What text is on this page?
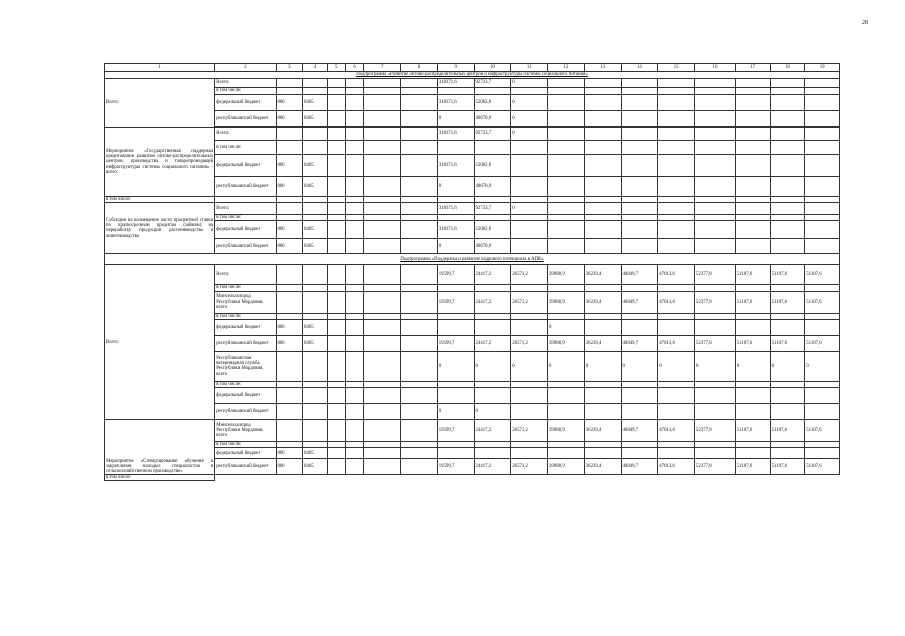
28
1	2	3	4	5	6	7	8	9	10	11	12	13	14	15	16	17	18	19
Подпрограмма «Развитие оптово-распределительных центров и инфраструктуры системы социального питания»																		
Всего:	Всего:							318371,6	92733,7	0								
	в том числе:																	
	федеральный бюджет	806	0405					318371,6	52062,8	0								
	республиканский бюджет	806	0405					0	40670,9	0								

Мероприятие «Государственная поддержка кредитования развития оптово-распределительных центров, производства и товаропроводящей инфраструктуры системы социального питания» - всего:	Всего:							318371,6	92733,7	0								
	в том числе:																	
	федеральный бюджет	806	0405					318371,6	52062,8									
	республиканский бюджет	806	0405					0	40670,9									
в том числе:																		
Субсидии на возмещение части процентной ставки по краткосрочным кредитам (займам) на переработку продукции растениеводства и животноводства	Всего:							318371,6	92733,7	0								
	в том числе:																	
	федеральный бюджет	806	0405					318371,6	52062,8									
	республиканский бюджет	806	0405					0	40670,9									
Подпрограмма «Поддержка и развитие кадрового потенциала в АПК»																		
Всего:	Всего:							19599,7	24417,2	26571,2	39988,9	36239,4	40849,7	47013,6	52377,8	51107,6	51107,6	51107,6
	в том числе:																	
	Минсельхозпрод Республики Мордовия, всего							19599,7	24417,2	26571,2	39988,9	36239,4	40849,7	47013,6	52377,8	51107,6	51107,6	51107,6
	в том числе:																	
	федеральный бюджет	806	0405								0							
	республиканский бюджет	806	0405					19599,7	24417,2	26571,2	39988,9	36239,4	40849,7	47013,6	52377,8	51107,6	51107,6	51107,6
	Республиканская ветеринарная служба Республики Мордовия, всего							0	0	0	0	0	0	0	0	0	0	0
	в том числе:																	
	федеральный бюджет																	
	республиканский бюджет							0	0									
Мероприятие «Стимулирование обучения и закрепления молодых специалистов в сельскохозяйственном производстве»	Минсельхозпрод Республики Мордовия, всего							19599,7	24417,2	26571,2	39988,9	36239,4	40849,7	47013,6	52377,8	51107,6	51107,6	51107,6
	в том числе:																	
	федеральный бюджет	806	0405															
	республиканский бюджет	806	0405					19599,7	24417,2	26571,2	39988,9	36239,4	40849,7	47013,6	52377,8	51107,6	51107,6	51107,6
в том числе:																		
